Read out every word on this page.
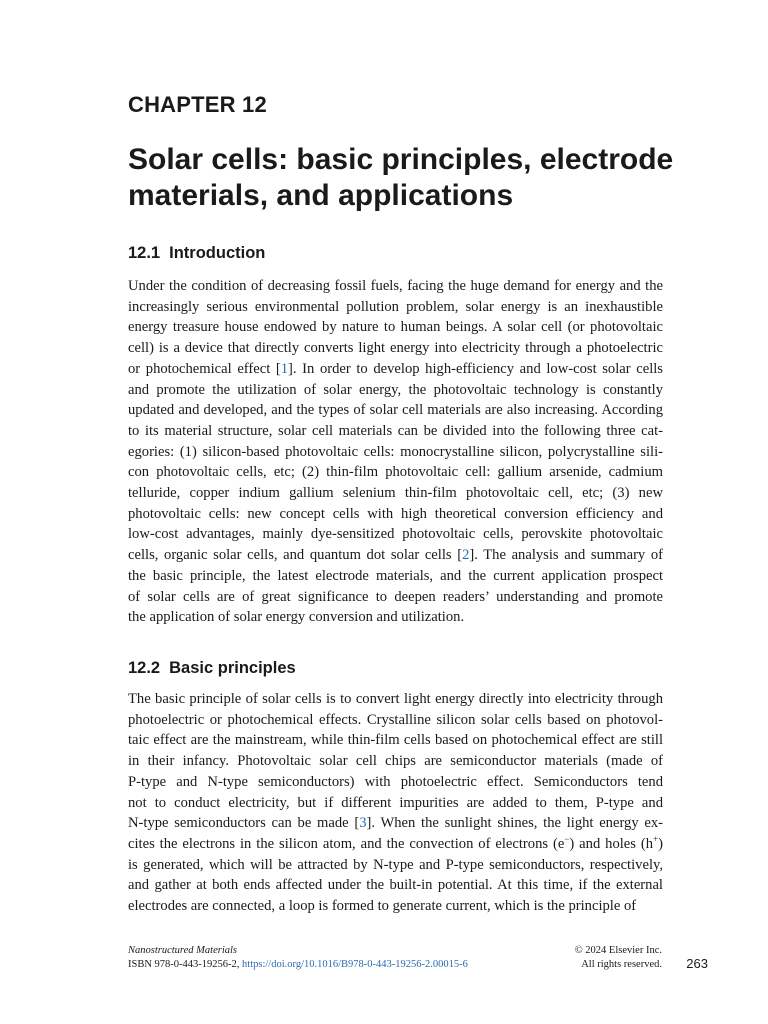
CHAPTER 12
Solar cells: basic principles, electrode
materials, and applications
12.1 Introduction
Under the condition of decreasing fossil fuels, facing the huge demand for energy and the
increasingly serious environmental pollution problem, solar energy is an inexhaustible
energy treasure house endowed by nature to human beings. A solar cell (or photovoltaic
cell) is a device that directly converts light energy into electricity through a photoelectric
or photochemical effect [1]. In order to develop high-efficiency and low-cost solar cells
and promote the utilization of solar energy, the photovoltaic technology is constantly
updated and developed, and the types of solar cell materials are also increasing. According
to its material structure, solar cell materials can be divided into the following three cat-
egories: (1) silicon-based photovoltaic cells: monocrystalline silicon, polycrystalline sili-
con photovoltaic cells, etc; (2) thin-film photovoltaic cell: gallium arsenide, cadmium
telluride, copper indium gallium selenium thin-film photovoltaic cell, etc; (3) new
photovoltaic cells: new concept cells with high theoretical conversion efficiency and
low-cost advantages, mainly dye-sensitized photovoltaic cells, perovskite photovoltaic
cells, organic solar cells, and quantum dot solar cells [2]. The analysis and summary of
the basic principle, the latest electrode materials, and the current application prospect
of solar cells are of great significance to deepen readers’ understanding and promote
the application of solar energy conversion and utilization.
12.2 Basic principles
The basic principle of solar cells is to convert light energy directly into electricity through
photoelectric or photochemical effects. Crystalline silicon solar cells based on photovol-
taic effect are the mainstream, while thin-film cells based on photochemical effect are still
in their infancy. Photovoltaic solar cell chips are semiconductor materials (made of
P-type and N-type semiconductors) with photoelectric effect. Semiconductors tend
not to conduct electricity, but if different impurities are added to them, P-type and
N-type semiconductors can be made [3]. When the sunlight shines, the light energy ex-
cites the electrons in the silicon atom, and the convection of electrons (e−) and holes (h+)
is generated, which will be attracted by N-type and P-type semiconductors, respectively,
and gather at both ends affected under the built-in potential. At this time, if the external
electrodes are connected, a loop is formed to generate current, which is the principle of
Nanostructured Materials
ISBN 978-0-443-19256-2, https://doi.org/10.1016/B978-0-443-19256-2.00015-6
© 2024 Elsevier Inc.
All rights reserved. 263
